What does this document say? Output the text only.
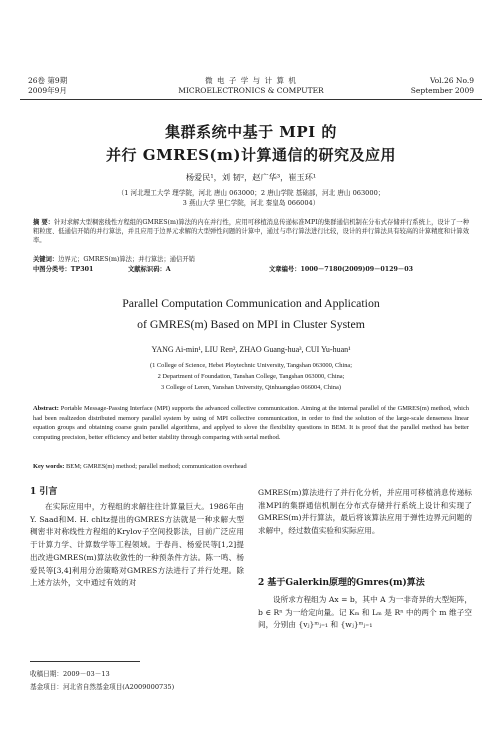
26卷 第9期
2009年9月
微 电 子 学 与 计 算 机
MICROELECTRONICS & COMPUTER
Vol.26 No.9
September 2009
集群系统中基于 MPI 的
并行 GMRES(m)计算通信的研究及应用
杨爱民¹，刘 韧²，赵广华³，崔玉环¹
（1 河北理工大学 理学院，河北 唐山 063000；2 唐山学院 基础部，河北 唐山 063000；
3 燕山大学 里仁学院，河北 秦皇岛 066004）
摘 要：针对求解大型稠密线性方程组的GMRES(m)算法的内在并行性，应用可移植消息传递标准MPI的集群通信机制在分布式存储并行系统上，设计了一种粗粒度、低通信开销的并行算法，并且应用于边界元求解的大型弹性问题的计算中，通过与串行算法进行比较，设计的并行算法具有较高的计算精度和计算效率。
关键词：边界元；GMRES(m)算法；并行算法；通信开销
中图分类号：TP301	文献标识码：A	文章编号：1000－7180(2009)09－0129－03
Parallel Computation Communication and Application
of GMRES(m) Based on MPI in Cluster System
YANG Ai-min¹, LIU Ren², ZHAO Guang-hua³, CUI Yu-huan¹
(1 College of Science, Hebei Ploytechnic University, Tangshan 063000, China;
2 Department of Foundation, Tanshan College, Tangshan 063000, China;
3 College of Leren, Yanshan University, Qinhuangdao 066004, China)
Abstract: Portable Message-Passing Interface (MPI) supports the advanced collective communication. Aiming at the internal parallel of the GMRES(m) method, which had been realizedon distributed memory parallel system by using of MPI collective communication, in order to find the solution of the large-scale denseness linear equation groups and obtaining coarse grain parallel algorithms, and applyed to slove the flexibility questions in BEM. It is proof that the parallel method has better computing precision, better efficiency and better stability through comparing with serial method.
Key words: BEM; GMRES(m) method; parallel method; communication overhead
1 引言
在实际应用中，方程组的求解往往计算量巨大。1986年由Y. Saad和M. H. chltz提出的GMRES方法就是一种求解大型稠密非对称线性方程组的Krylov子空间投影法，目前广泛应用于计算力学、计算数学等工程领域。于春肖、杨爱民等[1,2]提出改进GMRES(m)算法收敛性的一种预条件方法。陈一鸣、杨爱民等[3,4]利用分治策略对GMRES方法进行了并行处理。除上述方法外，文中通过有效的对
收稿日期：2009－03－13
基金项目：河北省自然基金项目(A2009000735)
GMRES(m)算法进行了并行化分析，并应用可移植消息传递标准MPI的集群通信机制在分布式存储并行系统上设计和实现了GMRES(m)并行算法，最后将该算法应用于弹性边界元问题的求解中，经过数值实验和实际应用。
2 基于Galerkin原理的Gmres(m)算法
设所求方程组为 Ax = b，其中 A 为一非奇异的大型矩阵，b ∈ Rⁿ 为一给定向量。记 Kₘ 和 Lₘ 是 Rⁿ 中的两个 m 维子空间，分别由 {vⱼ}ᵐⱼ₌₁ 和 {wⱼ}ᵐⱼ₌₁
